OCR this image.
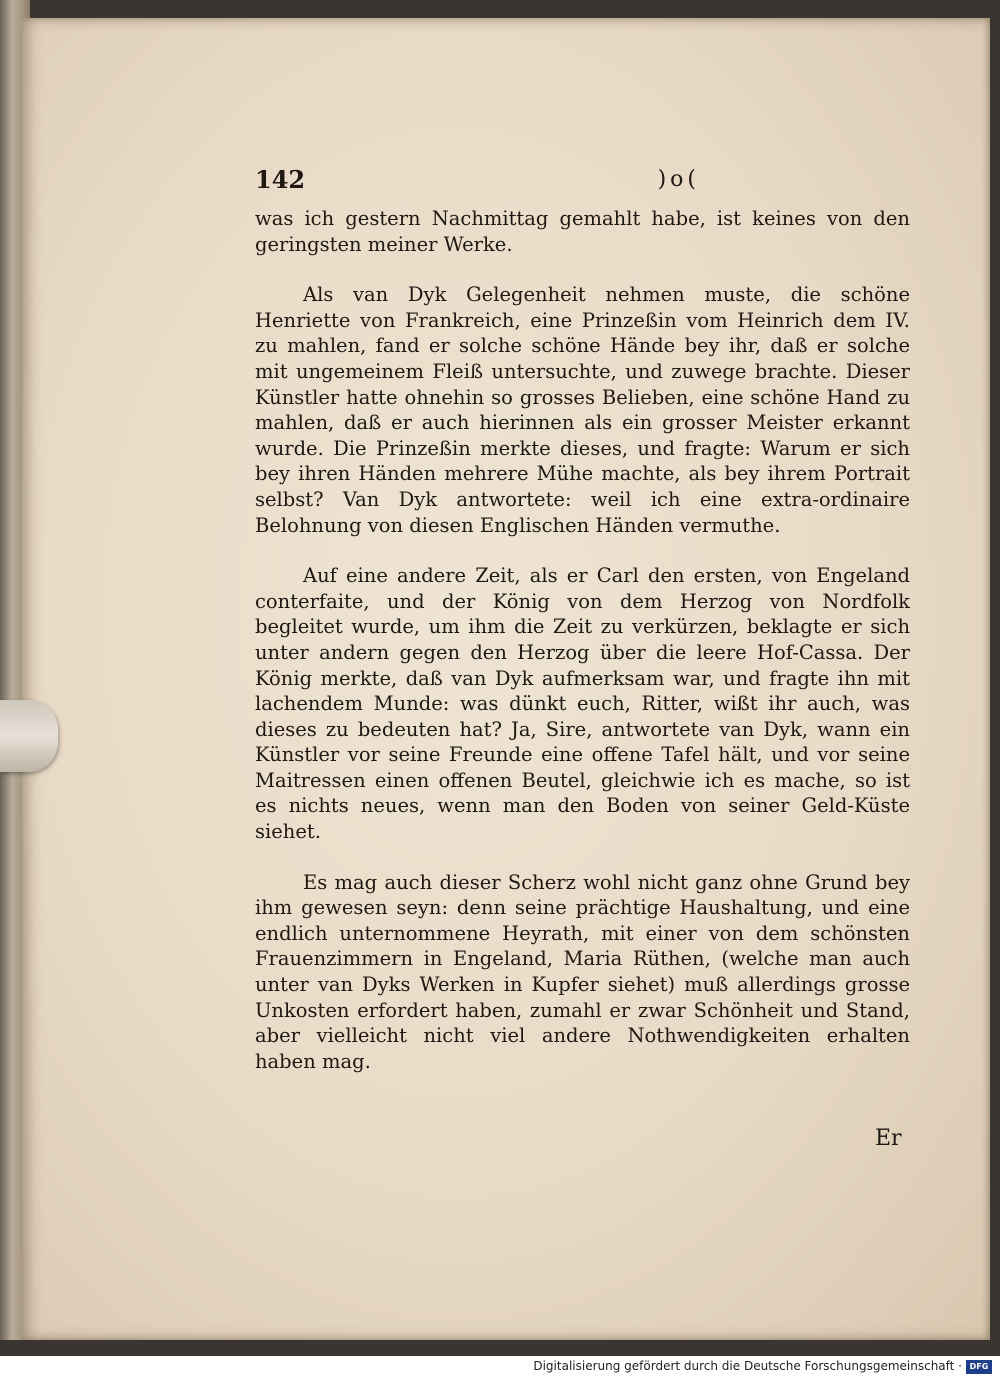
142	)o(

was ich gestern Nachmittag gemahlt habe, ist keines von den geringsten meiner Werke.

Als van Dyk Gelegenheit nehmen muste, die schöne Henriette von Frankreich, eine Prinzeßin vom Heinrich dem IV. zu mahlen, fand er solche schöne Hände bey ihr, daß er solche mit ungemeinem Fleiß untersuchte, und zuwege brachte. Dieser Künstler hatte ohnehin so grosses Belieben, eine schöne Hand zu mahlen, daß er auch hierinnen als ein grosser Meister erkannt wurde. Die Prinzeßin merkte dieses, und fragte: Warum er sich bey ihren Händen mehrere Mühe machte, als bey ihrem Portrait selbst? Van Dyk antwortete: weil ich eine extra-ordinaire Belohnung von diesen Englischen Händen vermuthe.

Auf eine andere Zeit, als er Carl den ersten, von Engeland conterfaite, und der König von dem Herzog von Nordfolk begleitet wurde, um ihm die Zeit zu verkürzen, beklagte er sich unter andern gegen den Herzog über die leere Hof-Cassa. Der König merkte, daß van Dyk aufmerksam war, und fragte ihn mit lachendem Munde: was dünkt euch, Ritter, wißt ihr auch, was dieses zu bedeuten hat? Ja, Sire, antwortete van Dyk, wann ein Künstler vor seine Freunde eine offene Tafel hält, und vor seine Maitressen einen offenen Beutel, gleichwie ich es mache, so ist es nichts neues, wenn man den Boden von seiner Geld-Küste siehet.

Es mag auch dieser Scherz wohl nicht ganz ohne Grund bey ihm gewesen seyn: denn seine prächtige Haushaltung, und eine endlich unternommene Heyrath, mit einer von dem schönsten Frauenzimmern in Engeland, Maria Rüthen, (welche man auch unter van Dyks Werken in Kupfer siehet) muß allerdings grosse Unkosten erfordert haben, zumahl er zwar Schönheit und Stand, aber vielleicht nicht viel andere Nothwendigkeiten erhalten haben mag.

Er
Digitalisierung gefördert durch die Deutsche Forschungsgemeinschaft · DFG
